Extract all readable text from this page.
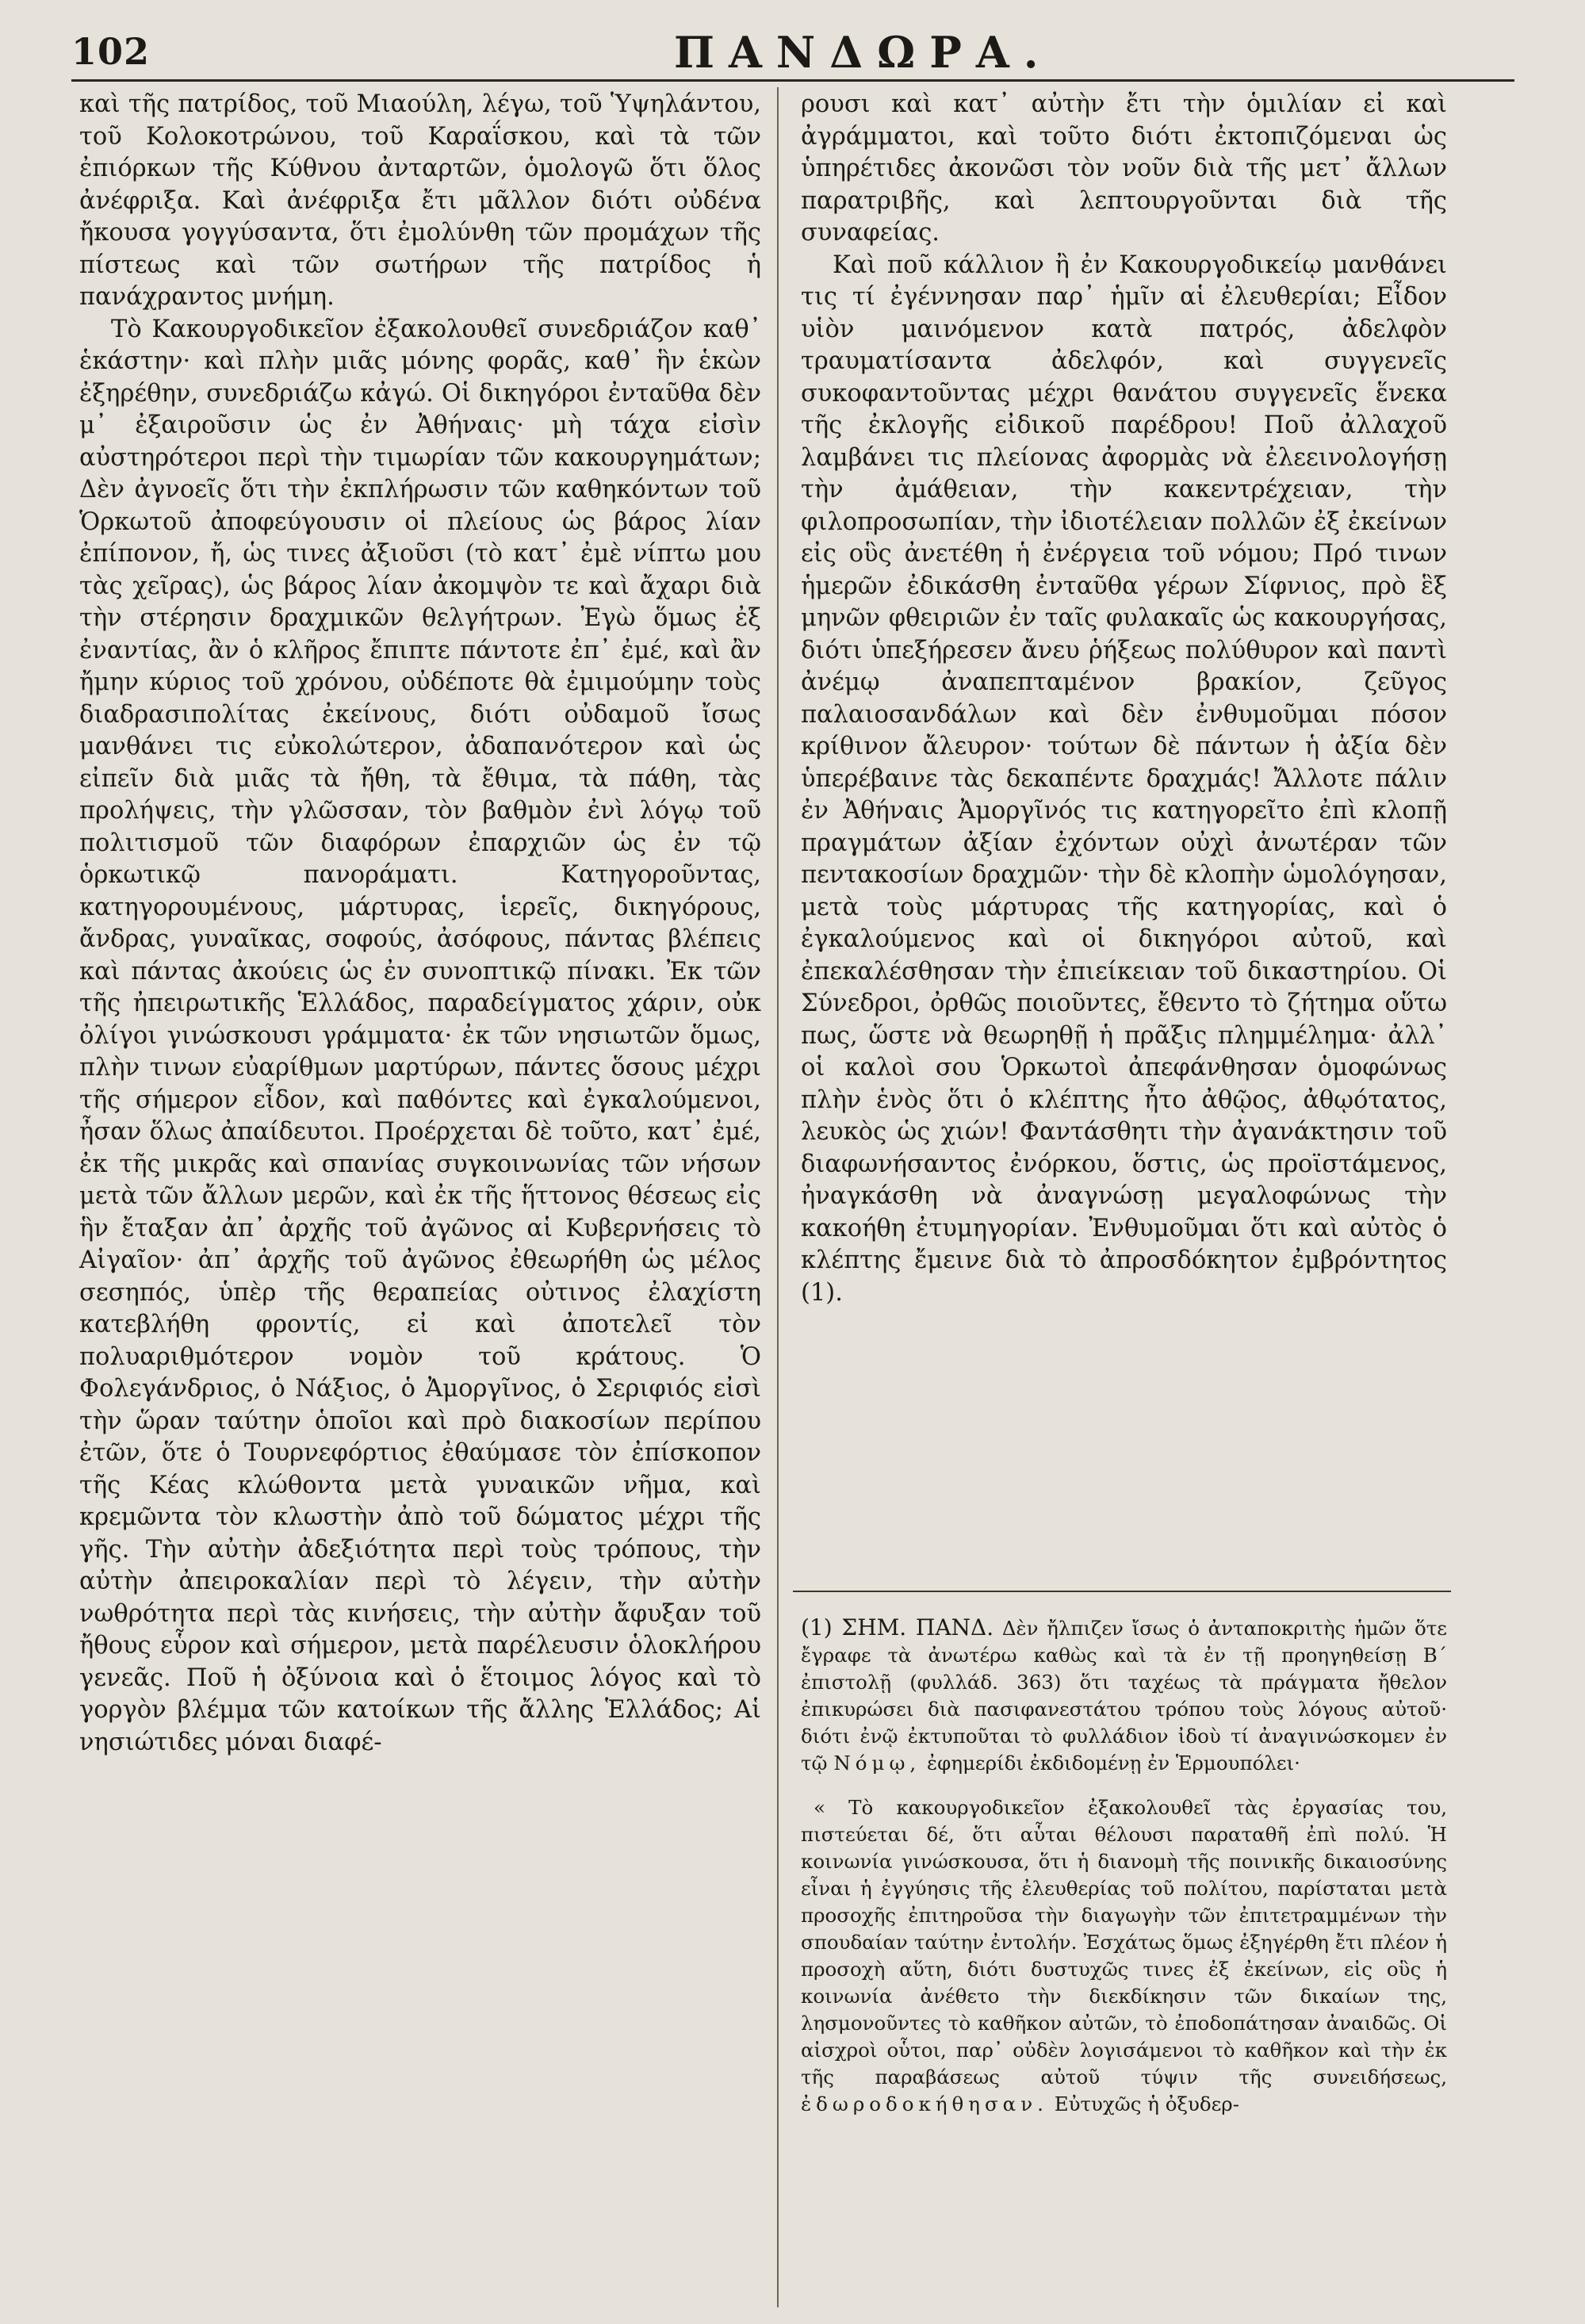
102	ΠΑΝΔΩΡΑ.

καὶ τῆς πατρίδος, τοῦ Μιαούλη, λέγω, τοῦ Ὑψηλάντου, τοῦ Κολοκοτρώνου, τοῦ Καραΐσκου, καὶ τὰ τῶν ἐπιόρκων τῆς Κύθνου ἀνταρτῶν, ὁμολογῶ ὅτι ὅλος ἀνέφριξα. Καὶ ἀνέφριξα ἔτι μᾶλλον διότι οὐδένα ἤκουσα γογγύσαντα, ὅτι ἐμολύνθη τῶν προμάχων τῆς πίστεως καὶ τῶν σωτήρων τῆς πατρίδος ἡ πανάχραντος μνήμη.

Τὸ Κακουργοδικεῖον ἐξακολουθεῖ συνεδριάζον καθ᾽ ἑκάστην· καὶ πλὴν μιᾶς μόνης φορᾶς, καθ᾽ ἣν ἑκὼν ἐξηρέθην, συνεδριάζω κἀγώ. Οἱ δικηγόροι ἐνταῦθα δὲν μ᾽ ἐξαιροῦσιν ὡς ἐν Ἀθήναις· μὴ τάχα εἰσὶν αὐστηρότεροι περὶ τὴν τιμωρίαν τῶν κακουργημάτων; Δὲν ἀγνοεῖς ὅτι τὴν ἐκπλήρωσιν τῶν καθηκόντων τοῦ Ὁρκωτοῦ ἀποφεύγουσιν οἱ πλείους ὡς βάρος λίαν ἐπίπονον, ἤ, ὡς τινες ἀξιοῦσι (τὸ κατ᾽ ἐμὲ νίπτω μου τὰς χεῖρας), ὡς βάρος λίαν ἀκομψὸν τε καὶ ἄχαρι διὰ τὴν στέρησιν δραχμικῶν θελγήτρων. Ἐγὼ ὅμως ἐξ ἐναντίας, ἂν ὁ κλῆρος ἔπιπτε πάντοτε ἐπ᾽ ἐμέ, καὶ ἂν ἤμην κύριος τοῦ χρόνου, οὐδέποτε θὰ ἐμιμούμην τοὺς διαδρασιπολίτας ἐκείνους, διότι οὐδαμοῦ ἴσως μανθάνει τις εὐκολώτερον, ἀδαπανότερον καὶ ὡς εἰπεῖν διὰ μιᾶς τὰ ἤθη, τὰ ἔθιμα, τὰ πάθη, τὰς προλήψεις, τὴν γλῶσσαν, τὸν βαθμὸν ἐνὶ λόγῳ τοῦ πολιτισμοῦ τῶν διαφόρων ἐπαρχιῶν ὡς ἐν τῷ ὁρκωτικῷ πανοράματι. Κατηγοροῦντας, κατηγορουμένους, μάρτυρας, ἱερεῖς, δικηγόρους, ἄνδρας, γυναῖκας, σοφούς, ἀσόφους, πάντας βλέπεις καὶ πάντας ἀκούεις ὡς ἐν συνοπτικῷ πίνακι. Ἐκ τῶν τῆς ἠπειρωτικῆς Ἑλλάδος, παραδείγματος χάριν, οὐκ ὀλίγοι γινώσκουσι γράμματα· ἐκ τῶν νησιωτῶν ὅμως, πλὴν τινων εὐαρίθμων μαρτύρων, πάντες ὅσους μέχρι τῆς σήμερον εἶδον, καὶ παθόντες καὶ ἐγκαλούμενοι, ἦσαν ὅλως ἀπαίδευτοι. Προέρχεται δὲ τοῦτο, κατ᾽ ἐμέ, ἐκ τῆς μικρᾶς καὶ σπανίας συγκοινωνίας τῶν νήσων μετὰ τῶν ἄλλων μερῶν, καὶ ἐκ τῆς ἥττονος θέσεως εἰς ἣν ἔταξαν ἀπ᾽ ἀρχῆς τοῦ ἀγῶνος αἱ Κυβερνήσεις τὸ Αἰγαῖον· ἀπ᾽ ἀρχῆς τοῦ ἀγῶνος ἐθεωρήθη ὡς μέλος σεσηπός, ὑπὲρ τῆς θεραπείας οὐτινος ἐλαχίστη κατεβλήθη φροντίς, εἰ καὶ ἀποτελεῖ τὸν πολυαριθμότερον νομὸν τοῦ κράτους. Ὁ Φολεγάνδριος, ὁ Νάξιος, ὁ Ἀμοργῖνος, ὁ Σεριφιός εἰσὶ τὴν ὥραν ταύτην ὁποῖοι καὶ πρὸ διακοσίων περίπου ἐτῶν, ὅτε ὁ Τουρνεφόρτιος ἐθαύμασε τὸν ἐπίσκοπον τῆς Κέας κλώθοντα μετὰ γυναικῶν νῆμα, καὶ κρεμῶντα τὸν κλωστὴν ἀπὸ τοῦ δώματος μέχρι τῆς γῆς. Τὴν αὐτὴν ἀδεξιότητα περὶ τοὺς τρόπους, τὴν αὐτὴν ἀπειροκαλίαν περὶ τὸ λέγειν, τὴν αὐτὴν νωθρότητα περὶ τὰς κινήσεις, τὴν αὐτὴν ἄφυξαν τοῦ ἤθους εὗρον καὶ σήμερον, μετὰ παρέλευσιν ὁλοκλήρου γενεᾶς. Ποῦ ἡ ὀξύνοια καὶ ὁ ἕτοιμος λόγος καὶ τὸ γοργὸν βλέμμα τῶν κατοίκων τῆς ἄλλης Ἑλλάδος; Αἱ νησιώτιδες μόναι διαφέ-

ρουσι καὶ κατ᾽ αὐτὴν ἔτι τὴν ὁμιλίαν εἰ καὶ ἀγράμματοι, καὶ τοῦτο διότι ἐκτοπιζόμεναι ὡς ὑπηρέτιδες ἀκονῶσι τὸν νοῦν διὰ τῆς μετ᾽ ἄλλων παρατριβῆς, καὶ λεπτουργοῦνται διὰ τῆς συναφείας.

Καὶ ποῦ κάλλιον ἢ ἐν Κακουργοδικείῳ μανθάνει τις τί ἐγέννησαν παρ᾽ ἡμῖν αἱ ἐλευθερίαι; Εἶδον υἱὸν μαινόμενον κατὰ πατρός, ἀδελφὸν τραυματίσαντα ἀδελφόν, καὶ συγγενεῖς συκοφαντοῦντας μέχρι θανάτου συγγενεῖς ἕνεκα τῆς ἐκλογῆς εἰδικοῦ παρέδρου! Ποῦ ἀλλαχοῦ λαμβάνει τις πλείονας ἀφορμὰς νὰ ἐλεεινολογήσῃ τὴν ἀμάθειαν, τὴν κακεντρέχειαν, τὴν φιλοπροσωπίαν, τὴν ἰδιοτέλειαν πολλῶν ἐξ ἐκείνων εἰς οὓς ἀνετέθη ἡ ἐνέργεια τοῦ νόμου; Πρό τινων ἡμερῶν ἐδικάσθη ἐνταῦθα γέρων Σίφνιος, πρὸ ἓξ μηνῶν φθειριῶν ἐν ταῖς φυλακαῖς ὡς κακουργήσας, διότι ὑπεξήρεσεν ἄνευ ῥήξεως πολύθυρον καὶ παντὶ ἀνέμῳ ἀναπεπταμένον βρακίον, ζεῦγος παλαιοσανδάλων καὶ δὲν ἐνθυμοῦμαι πόσον κρίθινον ἄλευρον· τούτων δὲ πάντων ἡ ἀξία δὲν ὑπερέβαινε τὰς δεκαπέντε δραχμάς! Ἄλλοτε πάλιν ἐν Ἀθήναις Ἀμοργῖνός τις κατηγορεῖτο ἐπὶ κλοπῇ πραγμάτων ἀξίαν ἐχόντων οὐχὶ ἀνωτέραν τῶν πεντακοσίων δραχμῶν· τὴν δὲ κλοπὴν ὡμολόγησαν, μετὰ τοὺς μάρτυρας τῆς κατηγορίας, καὶ ὁ ἐγκαλούμενος καὶ οἱ δικηγόροι αὐτοῦ, καὶ ἐπεκαλέσθησαν τὴν ἐπιείκειαν τοῦ δικαστηρίου. Οἱ Σύνεδροι, ὀρθῶς ποιοῦντες, ἔθεντο τὸ ζήτημα οὕτω πως, ὥστε νὰ θεωρηθῇ ἡ πρᾶξις πλημμέλημα· ἀλλ᾽ οἱ καλοὶ σου Ὁρκωτοὶ ἀπεφάνθησαν ὁμοφώνως πλὴν ἑνὸς ὅτι ὁ κλέπτης ἦτο ἀθῷος, ἀθῳότατος, λευκὸς ὡς χιών! Φαντάσθητι τὴν ἀγανάκτησιν τοῦ διαφωνήσαντος ἐνόρκου, ὅστις, ὡς προϊστάμενος, ἠναγκάσθη νὰ ἀναγνώσῃ μεγαλοφώνως τὴν κακοήθη ἐτυμηγορίαν. Ἐνθυμοῦμαι ὅτι καὶ αὐτὸς ὁ κλέπτης ἔμεινε διὰ τὸ ἀπροσδόκητον ἐμβρόντητος (1).

(1) ΣΗΜ. ΠΑΝΔ. Δὲν ἤλπιζεν ἴσως ὁ ἀνταποκριτὴς ἡμῶν ὅτε ἔγραφε τὰ ἀνωτέρω καθὼς καὶ τὰ ἐν τῇ προηγηθείσῃ Β΄ ἐπιστολῇ (φυλλάδ. 363) ὅτι ταχέως τὰ πράγματα ἤθελον ἐπικυρώσει διὰ πασιφανεστάτου τρόπου τοὺς λόγους αὐτοῦ· διότι ἐνῷ ἐκτυποῦται τὸ φυλλάδιον ἰδοὺ τί ἀναγινώσκομεν ἐν τῷ Νόμῳ, ἐφημερίδι ἐκδιδομένῃ ἐν Ἑρμουπόλει·

« Τὸ κακουργοδικεῖον ἐξακολουθεῖ τὰς ἐργασίας του, πιστεύεται δέ, ὅτι αὗται θέλουσι παραταθῆ ἐπὶ πολύ. Ἡ κοινωνία γινώσκουσα, ὅτι ἡ διανομὴ τῆς ποινικῆς δικαιοσύνης εἶναι ἡ ἐγγύησις τῆς ἐλευθερίας τοῦ πολίτου, παρίσταται μετὰ προσοχῆς ἐπιτηροῦσα τὴν διαγωγὴν τῶν ἐπιτετραμμένων τὴν σπουδαίαν ταύτην ἐντολήν. Ἐσχάτως ὅμως ἐξηγέρθη ἔτι πλέον ἡ προσοχὴ αὕτη, διότι δυστυχῶς τινες ἐξ ἐκείνων, εἰς οὓς ἡ κοινωνία ἀνέθετο τὴν διεκδίκησιν τῶν δικαίων της, λησμονοῦντες τὸ καθῆκον αὐτῶν, τὸ ἐποδοπάτησαν ἀναιδῶς. Οἱ αἰσχροὶ οὗτοι, παρ᾽ οὐδὲν λογισάμενοι τὸ καθῆκον καὶ τὴν ἐκ τῆς παραβάσεως αὐτοῦ τύψιν τῆς συνειδήσεως, ἐδωροδοκήθησαν. Εὐτυχῶς ἡ ὀξυδερ-
